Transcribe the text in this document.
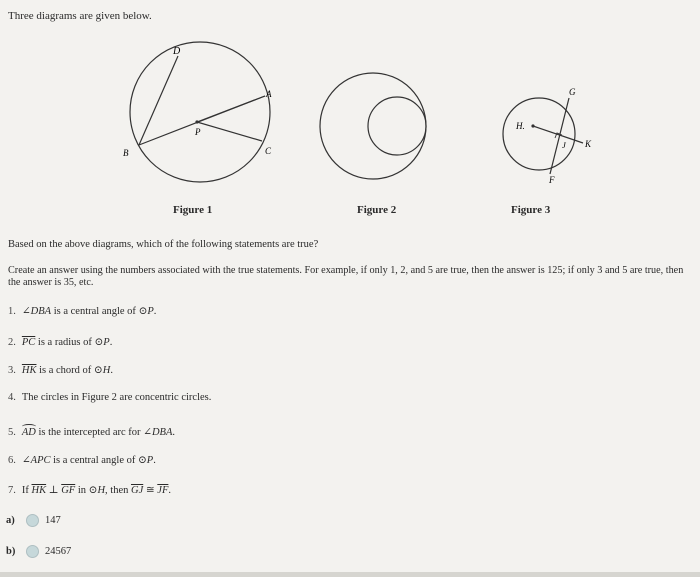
Three diagrams are given below.
D
A
P
B	C
G
H.
J K
F
Figure 1	Figure 2	Figure 3
Based on the above diagrams, which of the following statements are true?
Create an answer using the numbers associated with the true statements. For example, if only 1, 2, and 5 are true, then the answer is 125; if only 3 and 5 are true, then the answer is 35, etc.
1. ∠DBA is a central angle of ⊙P.
2. $\overline{PC}$ is a radius of ⊙P.
3. $\overline{HK}$ is a chord of ⊙H.
4. The circles in Figure 2 are concentric circles.
5. AD is the intercepted arc for ∠DBA.
6. ∠APC is a central angle of ⊙P.
7. If $\overline{HK}$ ⊥ $\overline{GF}$ in ⊙H, then $\overline{GJ}$ ≅ $\overline{JF}$.
a)	147
b)	24567
